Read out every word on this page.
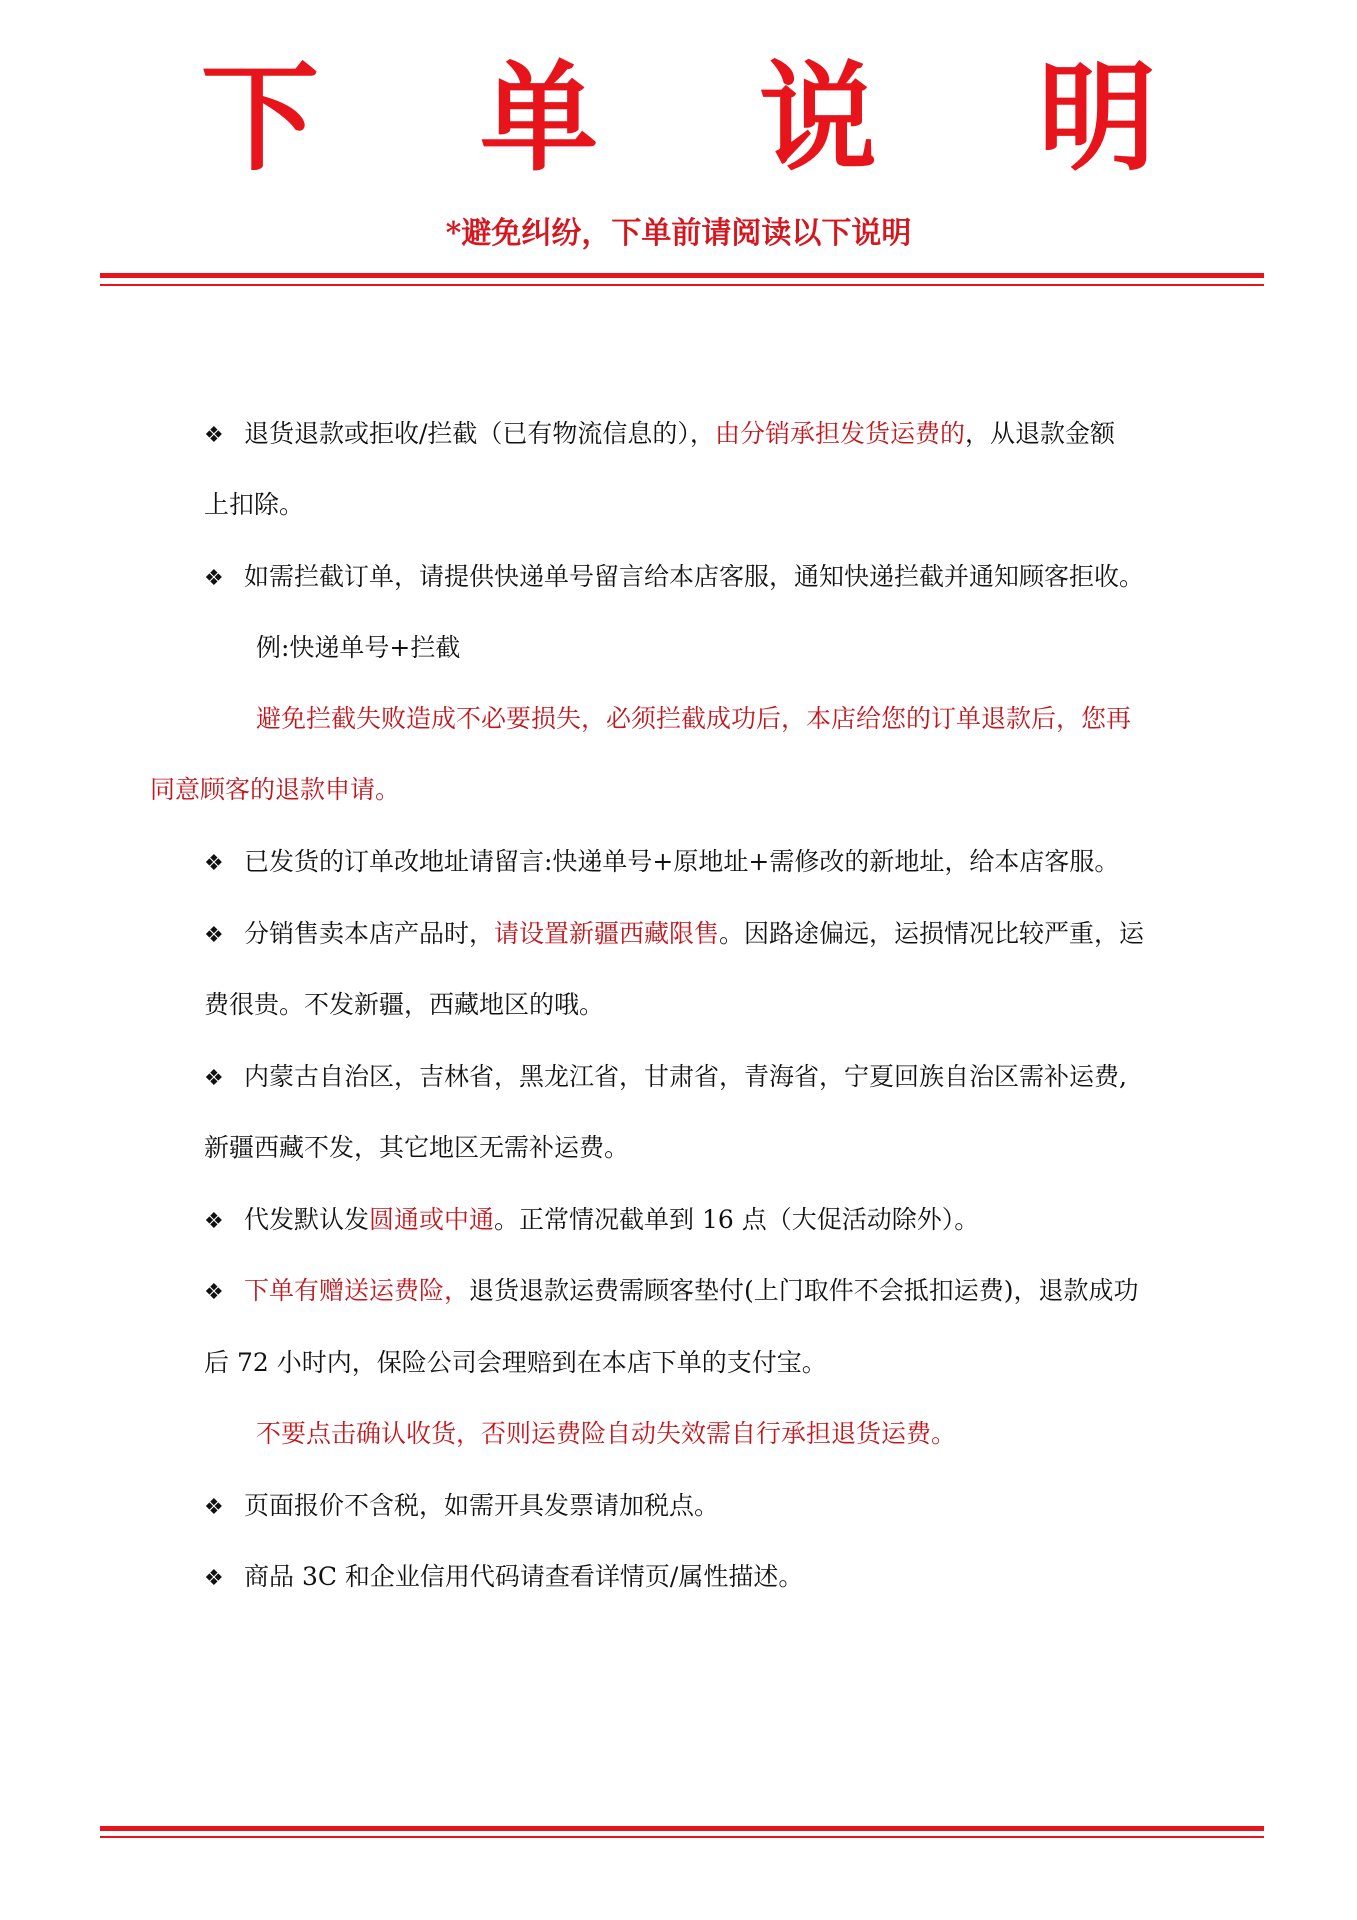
下 单 说 明
*避免纠纷，下单前请阅读以下说明
❖ 退货退款或拒收/拦截（已有物流信息的），由分销承担发货运费的，从退款金额
上扣除。
❖ 如需拦截订单，请提供快递单号留言给本店客服，通知快递拦截并通知顾客拒收。
例:快递单号+拦截
避免拦截失败造成不必要损失，必须拦截成功后，本店给您的订单退款后，您再
同意顾客的退款申请。
❖ 已发货的订单改地址请留言:快递单号+原地址+需修改的新地址，给本店客服。
❖ 分销售卖本店产品时，请设置新疆西藏限售。因路途偏远，运损情况比较严重，运
费很贵。不发新疆，西藏地区的哦。
❖ 内蒙古自治区，吉林省，黑龙江省，甘肃省，青海省，宁夏回族自治区需补运费,
新疆西藏不发，其它地区无需补运费。
❖ 代发默认发圆通或中通。正常情况截单到 16 点（大促活动除外）。
❖ 下单有赠送运费险，退货退款运费需顾客垫付(上门取件不会抵扣运费)，退款成功
后 72 小时内，保险公司会理赔到在本店下单的支付宝。
不要点击确认收货，否则运费险自动失效需自行承担退货运费。
❖ 页面报价不含税，如需开具发票请加税点。
❖ 商品 3C 和企业信用代码请查看详情页/属性描述。
